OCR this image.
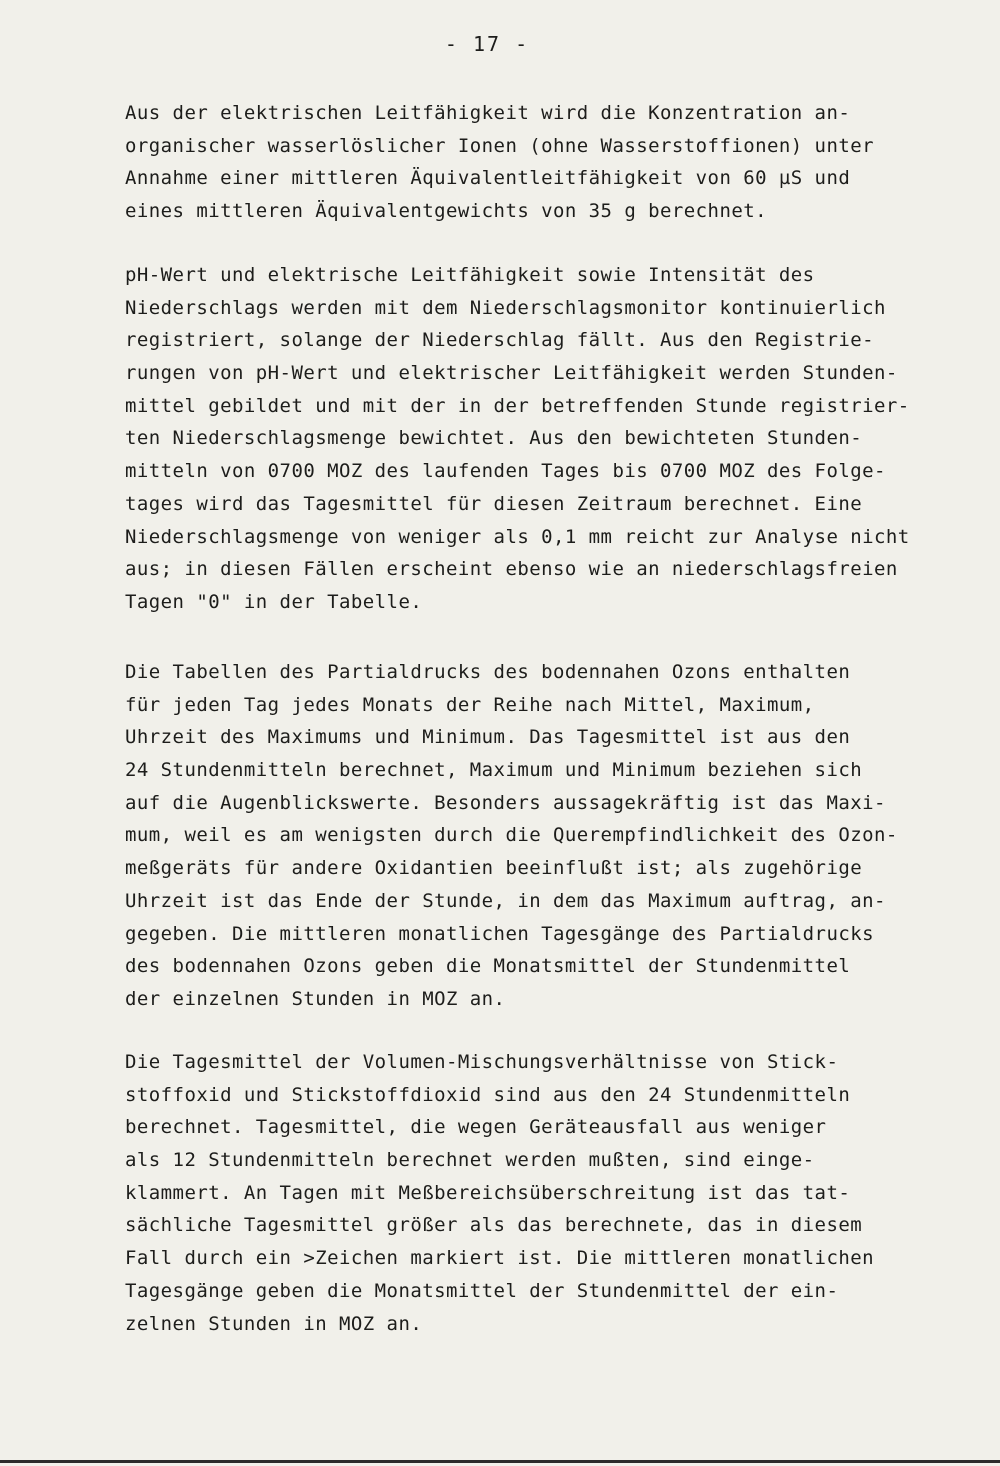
- 17 -
Aus der elektrischen Leitfähigkeit wird die Konzentration an-
organischer wasserlöslicher Ionen (ohne Wasserstoffionen) unter
Annahme einer mittleren Äquivalentleitfähigkeit von 60 µS und
eines mittleren Äquivalentgewichts von 35 g berechnet.
pH-Wert und elektrische Leitfähigkeit sowie Intensität des
Niederschlags werden mit dem Niederschlagsmonitor kontinuierlich
registriert, solange der Niederschlag fällt. Aus den Registrie-
rungen von pH-Wert und elektrischer Leitfähigkeit werden Stunden-
mittel gebildet und mit der in der betreffenden Stunde registrier-
ten Niederschlagsmenge bewichtet. Aus den bewichteten Stunden-
mitteln von 0700 MOZ des laufenden Tages bis 0700 MOZ des Folge-
tages wird das Tagesmittel für diesen Zeitraum berechnet. Eine
Niederschlagsmenge von weniger als 0,1 mm reicht zur Analyse nicht
aus; in diesen Fällen erscheint ebenso wie an niederschlagsfreien
Tagen "0" in der Tabelle.
Die Tabellen des Partialdrucks des bodennahen Ozons enthalten
für jeden Tag jedes Monats der Reihe nach Mittel, Maximum,
Uhrzeit des Maximums und Minimum. Das Tagesmittel ist aus den
24 Stundenmitteln berechnet, Maximum und Minimum beziehen sich
auf die Augenblickswerte. Besonders aussagekräftig ist das Maxi-
mum, weil es am wenigsten durch die Querempfindlichkeit des Ozon-
meßgeräts für andere Oxidantien beeinflußt ist; als zugehörige
Uhrzeit ist das Ende der Stunde, in dem das Maximum auftrag, an-
gegeben. Die mittleren monatlichen Tagesgänge des Partialdrucks
des bodennahen Ozons geben die Monatsmittel der Stundenmittel
der einzelnen Stunden in MOZ an.
Die Tagesmittel der Volumen-Mischungsverhältnisse von Stick-
stoffoxid und Stickstoffdioxid sind aus den 24 Stundenmitteln
berechnet. Tagesmittel, die wegen Geräteausfall aus weniger
als 12 Stundenmitteln berechnet werden mußten, sind einge-
klammert. An Tagen mit Meßbereichsüberschreitung ist das tat-
sächliche Tagesmittel größer als das berechnete, das in diesem
Fall durch ein >Zeichen markiert ist. Die mittleren monatlichen
Tagesgänge geben die Monatsmittel der Stundenmittel der ein-
zelnen Stunden in MOZ an.
